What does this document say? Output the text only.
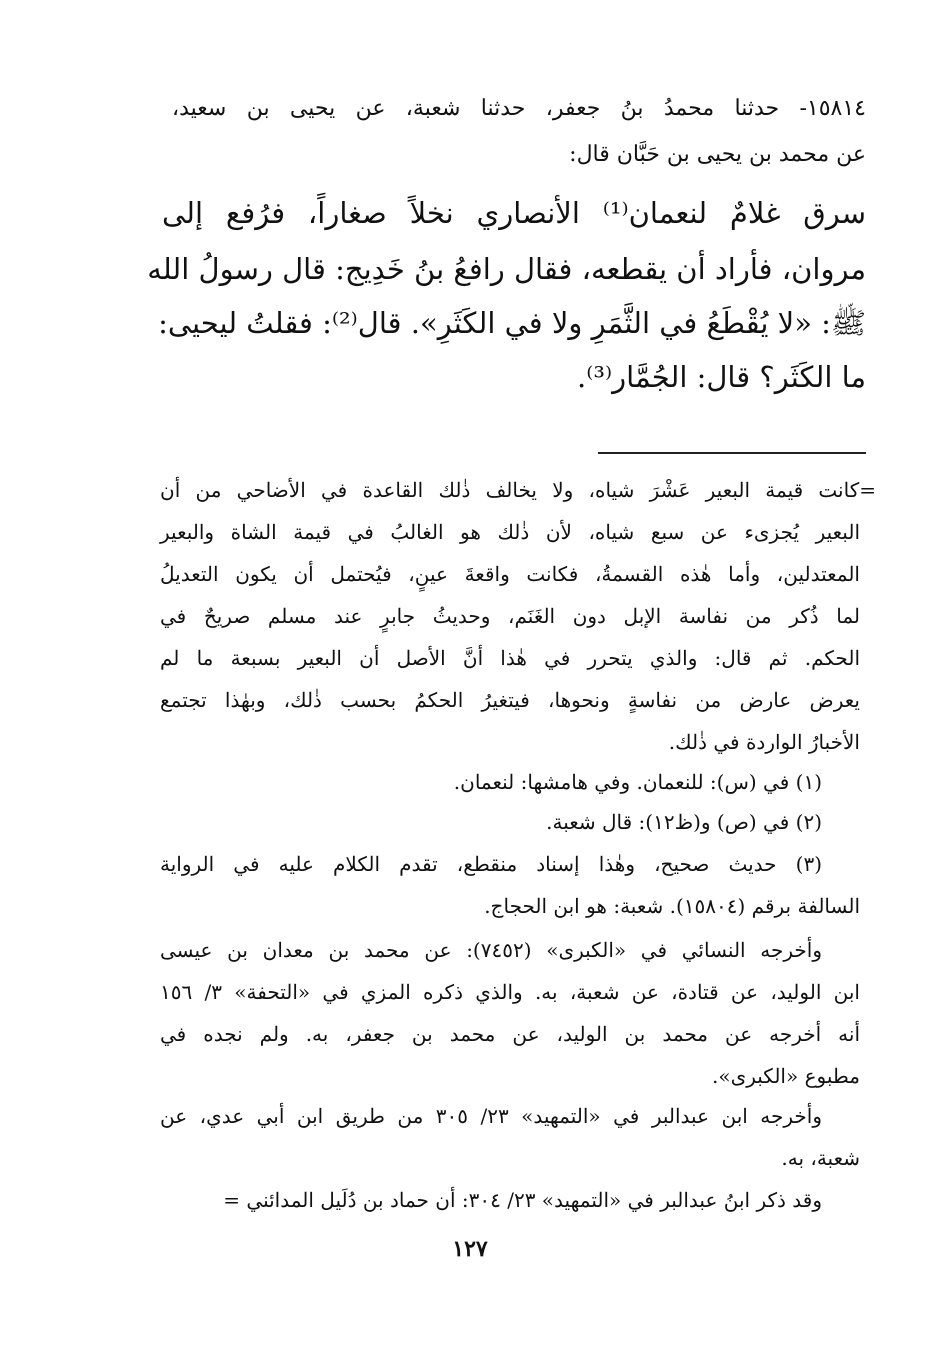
١٥٨١٤- حدثنا محمدُ بنُ جعفر، حدثنا شعبة، عن يحيى بن سعيد،

عن محمد بن يحيى بن حَبَّان قال:

سرق غلامٌ لنعمان⁽¹⁾ الأنصاري نخلاً صغاراً، فرُفع إلى

مروان، فأراد أن يقطعه، فقال رافعُ بنُ خَدِيج: قال رسولُ الله

ﷺ: «لا يُقْطَعُ في الثَّمَرِ ولا في الكَثَرِ». قال⁽²⁾: فقلتُ ليحيى:

ما الكَثَر؟ قال: الجُمَّار⁽³⁾.

=كانت قيمة البعير عَشْرَ شياه، ولا يخالف ذٰلك القاعدة في الأضاحي من أن

البعير يُجزىء عن سبع شياه، لأن ذٰلك هو الغالبُ في قيمة الشاة والبعير

المعتدلين، وأما هٰذه القسمةُ، فكانت واقعةَ عينٍ، فيُحتمل أن يكون التعديلُ

لما ذُكر من نفاسة الإبل دون الغَنَم، وحديثُ جابرٍ عند مسلم صريحٌ في

الحكم. ثم قال: والذي يتحرر في هٰذا أنَّ الأصل أن البعير بسبعة ما لم

يعرض عارض من نفاسةٍ ونحوها، فيتغيرُ الحكمُ بحسب ذٰلك، وبهٰذا تجتمع

الأخبارُ الواردة في ذٰلك.

(١) في (س): للنعمان. وفي هامشها: لنعمان.

(٢) في (ص) و(ظ١٢): قال شعبة.

(٣) حديث صحيح، وهٰذا إسناد منقطع، تقدم الكلام عليه في الرواية

السالفة برقم (١٥٨٠٤). شعبة: هو ابن الحجاج.

وأخرجه النسائي في «الكبرى» (٧٤٥٢): عن محمد بن معدان بن عيسى

ابن الوليد، عن قتادة، عن شعبة، به. والذي ذكره المزي في «التحفة» ٣/ ١٥٦

أنه أخرجه عن محمد بن الوليد، عن محمد بن جعفر، به. ولم نجده في

مطبوع «الكبرى».

وأخرجه ابن عبدالبر في «التمهيد» ٢٣/ ٣٠٥ من طريق ابن أبي عدي، عن

شعبة، به.

وقد ذكر ابنُ عبدالبر في «التمهيد» ٢٣/ ٣٠٤: أن حماد بن دُلَيل المدائني =

١٢٧
